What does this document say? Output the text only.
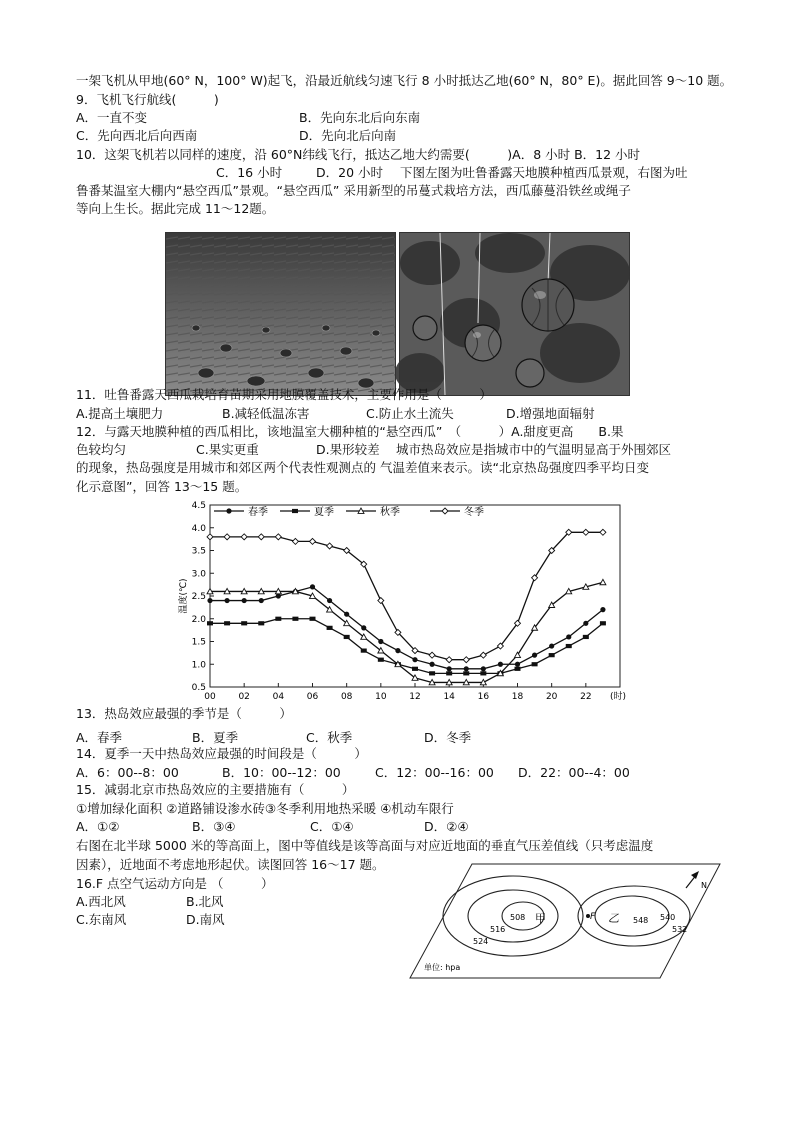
一架飞机从甲地(60° N，100° W)起飞，沿最近航线匀速飞行 8 小时抵达乙地(60° N，80° E)。据此回答 9～10 题。
9．飞机飞行航线(　　　)
A．一直不变	B．先向东北后向东南
C．先向西北后向西南	D．先向北后向南
10．这架飞机若以同样的速度，沿 60°N纬线飞行，抵达乙地大约需要(　　　)A．8 小时 B．12 小时
C．16 小时	D．20 小时 下图左图为吐鲁番露天地膜种植西瓜景观，右图为吐
鲁番某温室大棚内“悬空西瓜”景观。“悬空西瓜” 采用新型的吊蔓式栽培方法，西瓜藤蔓沿铁丝或绳子
等向上生长。据此完成 11～12题。
11．吐鲁番露天西瓜栽培育苗期采用地膜覆盖技术，主要作用是（　　　）
A.提高土壤肥力	B.减轻低温冻害	C.防止水土流失	D.增强地面辐射
12．与露天地膜种植的西瓜相比，该地温室大棚种植的“悬空西瓜”　（　　　）A.甜度更高　　B.果
色较均匀	C.果实更重	D.果形较差 城市热岛效应是指城市中的气温明显高于外围郊区
的现象，热岛强度是用城市和郊区两个代表性观测点的 气温差值来表示。读“北京热岛强度四季平均日变
化示意图”，回答 13～15 题。
0.5
1.0
1.5
2.0
2.5
3.0
3.5
4.0
4.5
00	02	04	06	08	10	12	14	16	18	20	22 (时)
温度(℃)
春季	夏季	秋季	冬季
13．热岛效应最强的季节是（　　　）
A．春季	B．夏季	C．秋季	D．冬季
14．夏季一天中热岛效应最强的时间段是（　　　）
A．6：00--8：00	B．10：00--12：00	C．12：00--16：00 D．22：00--4：00
15．减弱北京市热岛效应的主要措施有（　　　）
①增加绿化面积 ②道路铺设渗水砖③冬季利用地热采暖 ④机动车限行
A．①②	B．③④	C．①④	D．②④
右图在北半球 5000 米的等高面上，图中等值线是该等高面与对应近地面的垂直气压差值线（只考虑温度
因素），近地面不考虑地形起伏。读图回答 16～17 题。
16.F 点空气运动方向是 （　　　）
A.西北风	B.北风
C.东南风	D.南风	甲
508
516
524
F 乙 548 540
532
N
单位: hpa
